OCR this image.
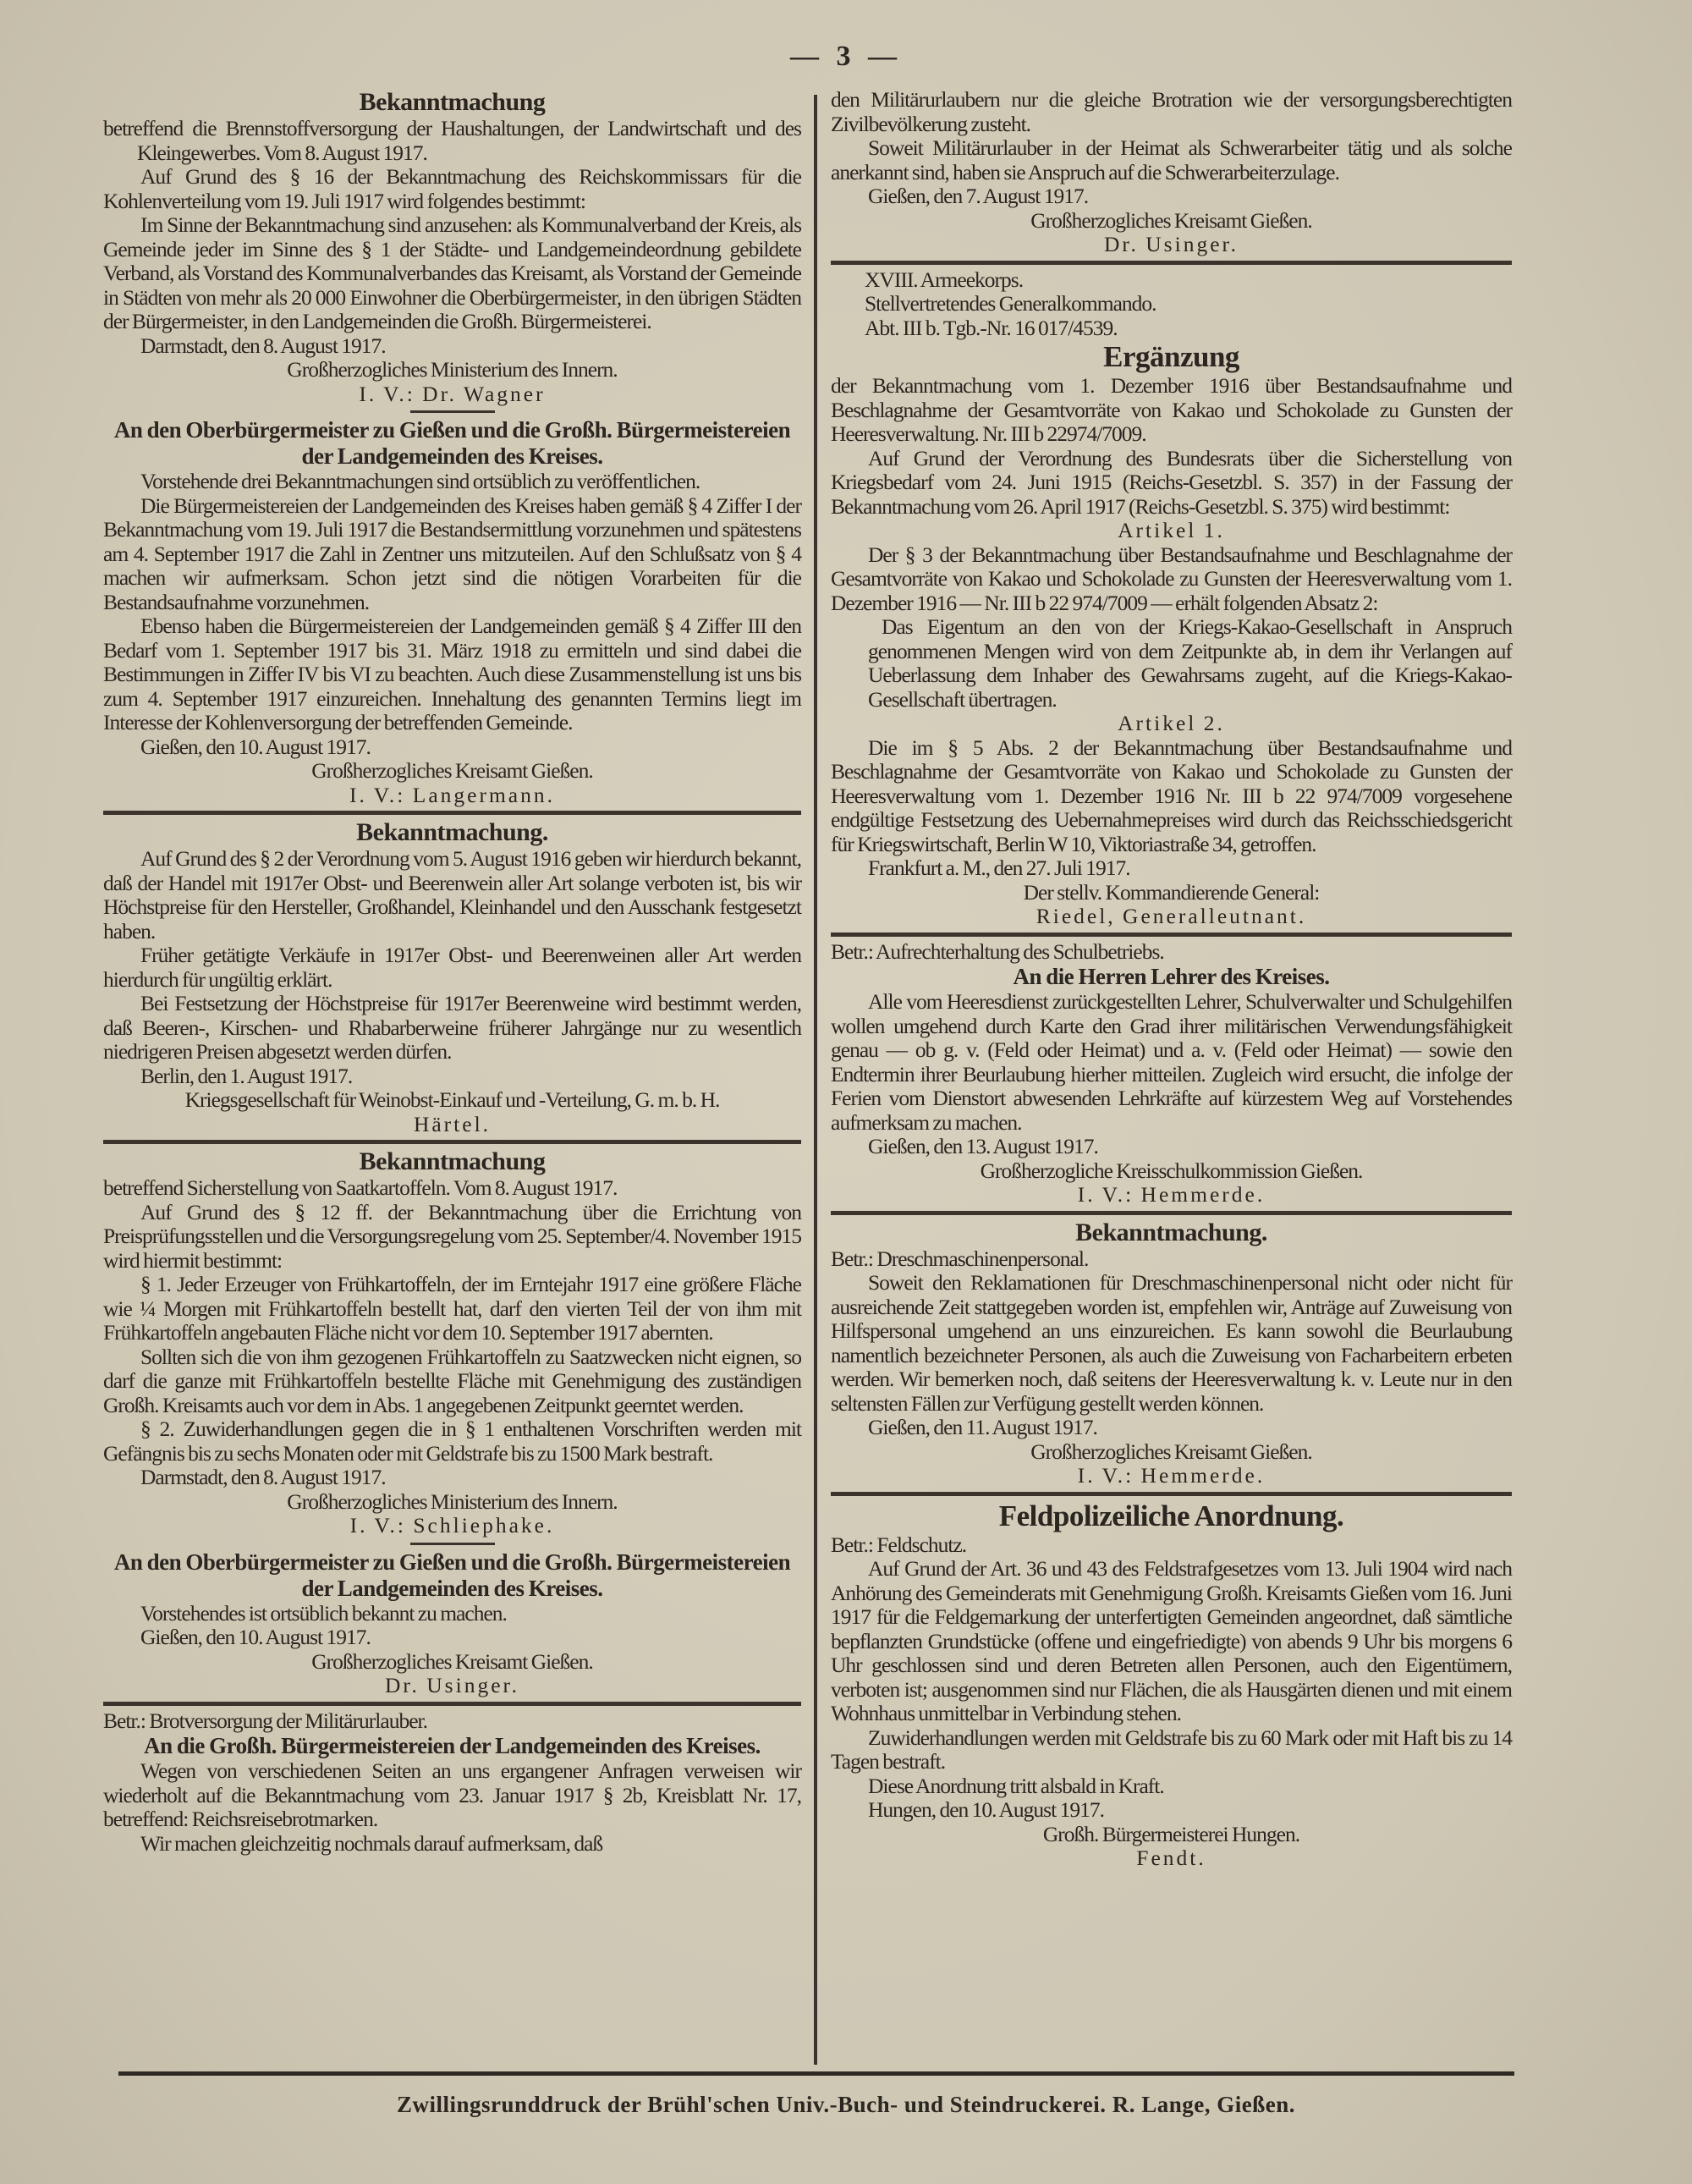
— 3 —
Bekanntmachung
betreffend die Brennstoffversorgung der Haushaltungen, der Landwirtschaft und des Kleingewerbes. Vom 8. August 1917.

Auf Grund des § 16 der Bekanntmachung des Reichskommissars für die Kohlenverteilung vom 19. Juli 1917 wird folgendes bestimmt:

Im Sinne der Bekanntmachung sind anzusehen: als Kommunalverband der Kreis, als Gemeinde jeder im Sinne des § 1 der Städte- und Landgemeindeordnung gebildete Verband, als Vorstand des Kommunalverbandes das Kreisamt, als Vorstand der Gemeinde in Städten von mehr als 20 000 Einwohner die Oberbürgermeister, in den übrigen Städten der Bürgermeister, in den Landgemeinden die Großh. Bürgermeisterei.

Darmstadt, den 8. August 1917.
Großherzogliches Ministerium des Innern.
I. V.: Dr. Wagner
An den Oberbürgermeister zu Gießen und die Großh. Bürgermeistereien der Landgemeinden des Kreises.

Vorstehende drei Bekanntmachungen sind ortsüblich zu veröffentlichen.

Die Bürgermeistereien der Landgemeinden des Kreises haben gemäß § 4 Ziffer I der Bekanntmachung vom 19. Juli 1917 die Bestandsermittlung vorzunehmen und spätestens am 4. September 1917 die Zahl in Zentner uns mitzuteilen. Auf den Schlußsatz von § 4 machen wir aufmerksam. Schon jetzt sind die nötigen Vorarbeiten für die Bestandsaufnahme vorzunehmen.

Ebenso haben die Bürgermeistereien der Landgemeinden gemäß § 4 Ziffer III den Bedarf vom 1. September 1917 bis 31. März 1918 zu ermitteln und sind dabei die Bestimmungen in Ziffer IV bis VI zu beachten. Auch diese Zusammenstellung ist uns bis zum 4. September 1917 einzureichen. Innehaltung des genannten Termins liegt im Interesse der Kohlenversorgung der betreffenden Gemeinde.

Gießen, den 10. August 1917.
Großherzogliches Kreisamt Gießen.
I. V.: Langermann.
Bekanntmachung.

Auf Grund des § 2 der Verordnung vom 5. August 1916 geben wir hierdurch bekannt, daß der Handel mit 1917er Obst- und Beerenwein aller Art solange verboten ist, bis wir Höchstpreise für den Hersteller, Großhandel, Kleinhandel und den Ausschank festgesetzt haben.

Früher getätigte Verkäufe in 1917er Obst- und Beerenweinen aller Art werden hierdurch für ungültig erklärt.

Bei Festsetzung der Höchstpreise für 1917er Beerenweine wird bestimmt werden, daß Beeren-, Kirschen- und Rhabarberweine früherer Jahrgänge nur zu wesentlich niedrigeren Preisen abgesetzt werden dürfen.

Berlin, den 1. August 1917.
Kriegsgesellschaft für Weinobst-Einkauf und -Verteilung, G. m. b. H.
Härtel.
Bekanntmachung
betreffend Sicherstellung von Saatkartoffeln. Vom 8. August 1917.

Auf Grund des § 12 ff. der Bekanntmachung über die Errichtung von Preisprüfungsstellen und die Versorgungsregelung vom 25. September/4. November 1915 wird hiermit bestimmt:

§ 1. Jeder Erzeuger von Frühkartoffeln, der im Erntejahr 1917 eine größere Fläche wie ¼ Morgen mit Frühkartoffeln bestellt hat, darf den vierten Teil der von ihm mit Frühkartoffeln angebauten Fläche nicht vor dem 10. September 1917 abernten.

Sollten sich die von ihm gezogenen Frühkartoffeln zu Saatzwecken nicht eignen, so darf die ganze mit Frühkartoffeln bestellte Fläche mit Genehmigung des zuständigen Großh. Kreisamts auch vor dem in Abs. 1 angegebenen Zeitpunkt geerntet werden.

§ 2. Zuwiderhandlungen gegen die in § 1 enthaltenen Vorschriften werden mit Gefängnis bis zu sechs Monaten oder mit Geldstrafe bis zu 1500 Mark bestraft.

Darmstadt, den 8. August 1917.
Großherzogliches Ministerium des Innern.
I. V.: Schliephake.
An den Oberbürgermeister zu Gießen und die Großh. Bürgermeistereien der Landgemeinden des Kreises.

Vorstehendes ist ortsüblich bekannt zu machen.

Gießen, den 10. August 1917.
Großherzogliches Kreisamt Gießen.
Dr. Usinger.
Betr.: Brotversorgung der Militärurlauber.
An die Großh. Bürgermeistereien der Landgemeinden des Kreises.

Wegen von verschiedenen Seiten an uns ergangener Anfragen verweisen wir wiederholt auf die Bekanntmachung vom 23. Januar 1917 § 2b, Kreisblatt Nr. 17, betreffend: Reichsreisebrotmarken.

Wir machen gleichzeitig nochmals darauf aufmerksam, daß

den Militärurlaubern nur die gleiche Brotration wie der versorgungsberechtigten Zivilbevölkerung zusteht.

Soweit Militärurlauber in der Heimat als Schwerarbeiter tätig und als solche anerkannt sind, haben sie Anspruch auf die Schwerarbeiterzulage.

Gießen, den 7. August 1917.
Großherzogliches Kreisamt Gießen.
Dr. Usinger.
XVIII. Armeekorps.
Stellvertretendes Generalkommando.
Abt. III b. Tgb.-Nr. 16 017/4539.
Ergänzung
der Bekanntmachung vom 1. Dezember 1916 über Bestandsaufnahme und Beschlagnahme der Gesamtvorräte von Kakao und Schokolade zu Gunsten der Heeresverwaltung. Nr. III b 22974/7009.

Auf Grund der Verordnung des Bundesrats über die Sicherstellung von Kriegsbedarf vom 24. Juni 1915 (Reichs-Gesetzbl. S. 357) in der Fassung der Bekanntmachung vom 26. April 1917 (Reichs-Gesetzbl. S. 375) wird bestimmt:

Artikel 1.

Der § 3 der Bekanntmachung über Bestandsaufnahme und Beschlagnahme der Gesamtvorräte von Kakao und Schokolade zu Gunsten der Heeresverwaltung vom 1. Dezember 1916 — Nr. III b 22 974/7009 — erhält folgenden Absatz 2:

Das Eigentum an den von der Kriegs-Kakao-Gesellschaft in Anspruch genommenen Mengen wird von dem Zeitpunkte ab, in dem ihr Verlangen auf Ueberlassung dem Inhaber des Gewahrsams zugeht, auf die Kriegs-Kakao-Gesellschaft übertragen.
Artikel 2.

Die im § 5 Abs. 2 der Bekanntmachung über Bestandsaufnahme und Beschlagnahme der Gesamtvorräte von Kakao und Schokolade zu Gunsten der Heeresverwaltung vom 1. Dezember 1916 Nr. III b 22 974/7009 vorgesehene endgültige Festsetzung des Uebernahmepreises wird durch das Reichsschiedsgericht für Kriegswirtschaft, Berlin W 10, Viktoriastraße 34, getroffen.

Frankfurt a. M., den 27. Juli 1917.
Der stellv. Kommandierende General:
Riedel, Generalleutnant.
Betr.: Aufrechterhaltung des Schulbetriebs.
An die Herren Lehrer des Kreises.

Alle vom Heeresdienst zurückgestellten Lehrer, Schulverwalter und Schulgehilfen wollen umgehend durch Karte den Grad ihrer militärischen Verwendungsfähigkeit genau — ob g. v. (Feld oder Heimat) und a. v. (Feld oder Heimat) — sowie den Endtermin ihrer Beurlaubung hierher mitteilen. Zugleich wird ersucht, die infolge der Ferien vom Dienstort abwesenden Lehrkräfte auf kürzestem Weg auf Vorstehendes aufmerksam zu machen.

Gießen, den 13. August 1917.
Großherzogliche Kreisschulkommission Gießen.
I. V.: Hemmerde.
Bekanntmachung.
Betr.: Dreschmaschinenpersonal.

Soweit den Reklamationen für Dreschmaschinenpersonal nicht oder nicht für ausreichende Zeit stattgegeben worden ist, empfehlen wir, Anträge auf Zuweisung von Hilfspersonal umgehend an uns einzureichen. Es kann sowohl die Beurlaubung namentlich bezeichneter Personen, als auch die Zuweisung von Facharbeitern erbeten werden. Wir bemerken noch, daß seitens der Heeresverwaltung k. v. Leute nur in den seltensten Fällen zur Verfügung gestellt werden können.

Gießen, den 11. August 1917.
Großherzogliches Kreisamt Gießen.
I. V.: Hemmerde.
Feldpolizeiliche Anordnung.
Betr.: Feldschutz.

Auf Grund der Art. 36 und 43 des Feldstrafgesetzes vom 13. Juli 1904 wird nach Anhörung des Gemeinderats mit Genehmigung Großh. Kreisamts Gießen vom 16. Juni 1917 für die Feldgemarkung der unterfertigten Gemeinden angeordnet, daß sämtliche bepflanzten Grundstücke (offene und eingefriedigte) von abends 9 Uhr bis morgens 6 Uhr geschlossen sind und deren Betreten allen Personen, auch den Eigentümern, verboten ist; ausgenommen sind nur Flächen, die als Hausgärten dienen und mit einem Wohnhaus unmittelbar in Verbindung stehen.

Zuwiderhandlungen werden mit Geldstrafe bis zu 60 Mark oder mit Haft bis zu 14 Tagen bestraft.

Diese Anordnung tritt alsbald in Kraft.

Hungen, den 10. August 1917.
Großh. Bürgermeisterei Hungen.
Fendt.
Zwillingsrunddruck der Brühl'schen Univ.-Buch- und Steindruckerei. R. Lange, Gießen.
